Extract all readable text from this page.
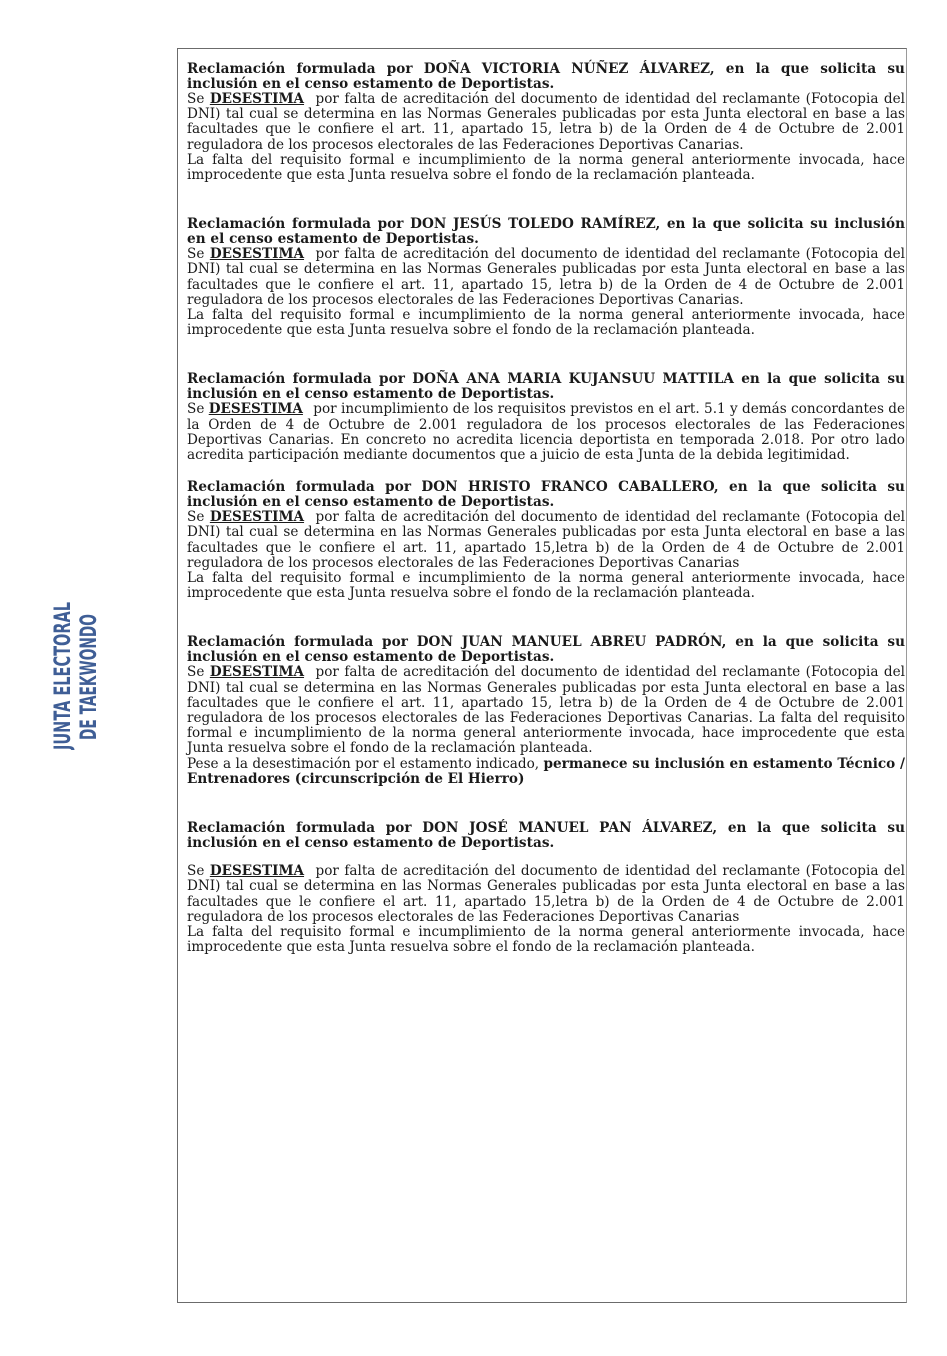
JUNTA ELECTORAL DE TAEKWONDO

Reclamación formulada por DOÑA VICTORIA NÚÑEZ ÁLVAREZ, en la que solicita su inclusión en el censo estamento de Deportistas.

Se DESESTIMA por falta de acreditación del documento de identidad del reclamante (Fotocopia del DNI) tal cual se determina en las Normas Generales publicadas por esta Junta electoral en base a las facultades que le confiere el art. 11, apartado 15, letra b) de la Orden de 4 de Octubre de 2.001 reguladora de los procesos electorales de las Federaciones Deportivas Canarias.

La falta del requisito formal e incumplimiento de la norma general anteriormente invocada, hace improcedente que esta Junta resuelva sobre el fondo de la reclamación planteada.

Reclamación formulada por DON JESÚS TOLEDO RAMÍREZ, en la que solicita su inclusión en el censo estamento de Deportistas.

Se DESESTIMA por falta de acreditación del documento de identidad del reclamante (Fotocopia del DNI) tal cual se determina en las Normas Generales publicadas por esta Junta electoral en base a las facultades que le confiere el art. 11, apartado 15, letra b) de la Orden de 4 de Octubre de 2.001 reguladora de los procesos electorales de las Federaciones Deportivas Canarias.

La falta del requisito formal e incumplimiento de la norma general anteriormente invocada, hace improcedente que esta Junta resuelva sobre el fondo de la reclamación planteada.

Reclamación formulada por DOÑA ANA MARIA KUJANSUU MATTILA en la que solicita su inclusión en el censo estamento de Deportistas.

Se DESESTIMA por incumplimiento de los requisitos previstos en el art. 5.1 y demás concordantes de la Orden de 4 de Octubre de 2.001 reguladora de los procesos electorales de las Federaciones Deportivas Canarias. En concreto no acredita licencia deportista en temporada 2.018. Por otro lado acredita participación mediante documentos que a juicio de esta Junta de la debida legitimidad.

Reclamación formulada por DON HRISTO FRANCO CABALLERO, en la que solicita su inclusión en el censo estamento de Deportistas.

Se DESESTIMA por falta de acreditación del documento de identidad del reclamante (Fotocopia del DNI) tal cual se determina en las Normas Generales publicadas por esta Junta electoral en base a las facultades que le confiere el art. 11, apartado 15,letra b) de la Orden de 4 de Octubre de 2.001 reguladora de los procesos electorales de las Federaciones Deportivas Canarias

La falta del requisito formal e incumplimiento de la norma general anteriormente invocada, hace improcedente que esta Junta resuelva sobre el fondo de la reclamación planteada.

Reclamación formulada por DON JUAN MANUEL ABREU PADRÓN, en la que solicita su inclusión en el censo estamento de Deportistas.

Se DESESTIMA por falta de acreditación del documento de identidad del reclamante (Fotocopia del DNI) tal cual se determina en las Normas Generales publicadas por esta Junta electoral en base a las facultades que le confiere el art. 11, apartado 15, letra b) de la Orden de 4 de Octubre de 2.001 reguladora de los procesos electorales de las Federaciones Deportivas Canarias. La falta del requisito formal e incumplimiento de la norma general anteriormente invocada, hace improcedente que esta Junta resuelva sobre el fondo de la reclamación planteada.

Pese a la desestimación por el estamento indicado, permanece su inclusión en estamento Técnico / Entrenadores (circunscripción de El Hierro)

Reclamación formulada por DON JOSÉ MANUEL PAN ÁLVAREZ, en la que solicita su inclusión en el censo estamento de Deportistas.

Se DESESTIMA por falta de acreditación del documento de identidad del reclamante (Fotocopia del DNI) tal cual se determina en las Normas Generales publicadas por esta Junta electoral en base a las facultades que le confiere el art. 11, apartado 15,letra b) de la Orden de 4 de Octubre de 2.001 reguladora de los procesos electorales de las Federaciones Deportivas Canarias

La falta del requisito formal e incumplimiento de la norma general anteriormente invocada, hace improcedente que esta Junta resuelva sobre el fondo de la reclamación planteada.
